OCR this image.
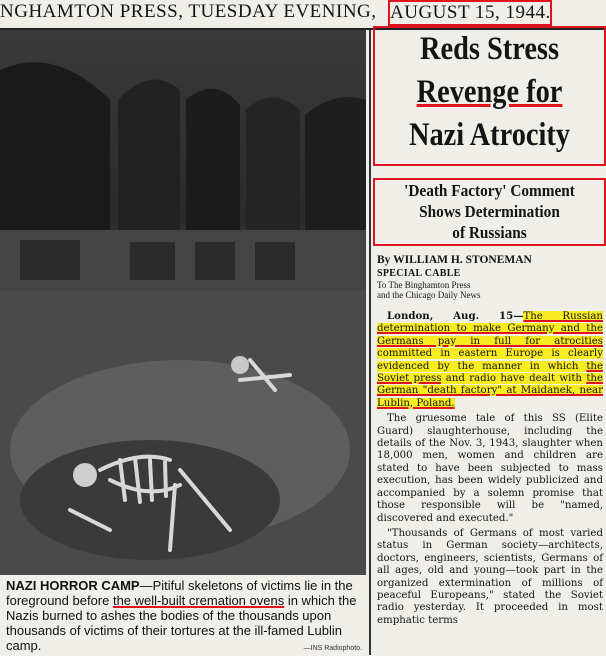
NGHAMTON PRESS, TUESDAY EVENING, AUGUST 15, 1944.
NAZI HORROR CAMP—Pitiful skeletons of victims lie in the foreground before the well-built cremation ovens in which the Nazis burned to ashes the bodies of the thousands upon thousands of victims of their tortures at the ill-famed Lublin camp.	—INS Radiophoto.
Reds Stress
Revenge for
Nazi Atrocity
'Death Factory' Comment
Shows Determination
of Russians
By WILLIAM H. STONEMAN
SPECIAL CABLE
To The Binghamton Press
and the Chicago Daily News

London, Aug. 15—The Russian determination to make Germany and the Germans pay in full for atrocities committed in eastern Europe is clearly evidenced by the manner in which the Soviet press and radio have dealt with the German "death factory" at Maidanek, near Lublin, Poland.

The gruesome tale of this SS (Elite Guard) slaughterhouse, including the details of the Nov. 3, 1943, slaughter when 18,000 men, women and children are stated to have been subjected to mass execution, has been widely publicized and accompanied by a solemn promise that those responsible will be "named, discovered and executed."

"Thousands of Germans of most varied status in German society—architects, doctors, engineers, scientists, Germans of all ages, old and young—took part in the organized extermination of millions of peaceful Europeans," stated the Soviet radio yesterday. It proceeded in most emphatic terms
